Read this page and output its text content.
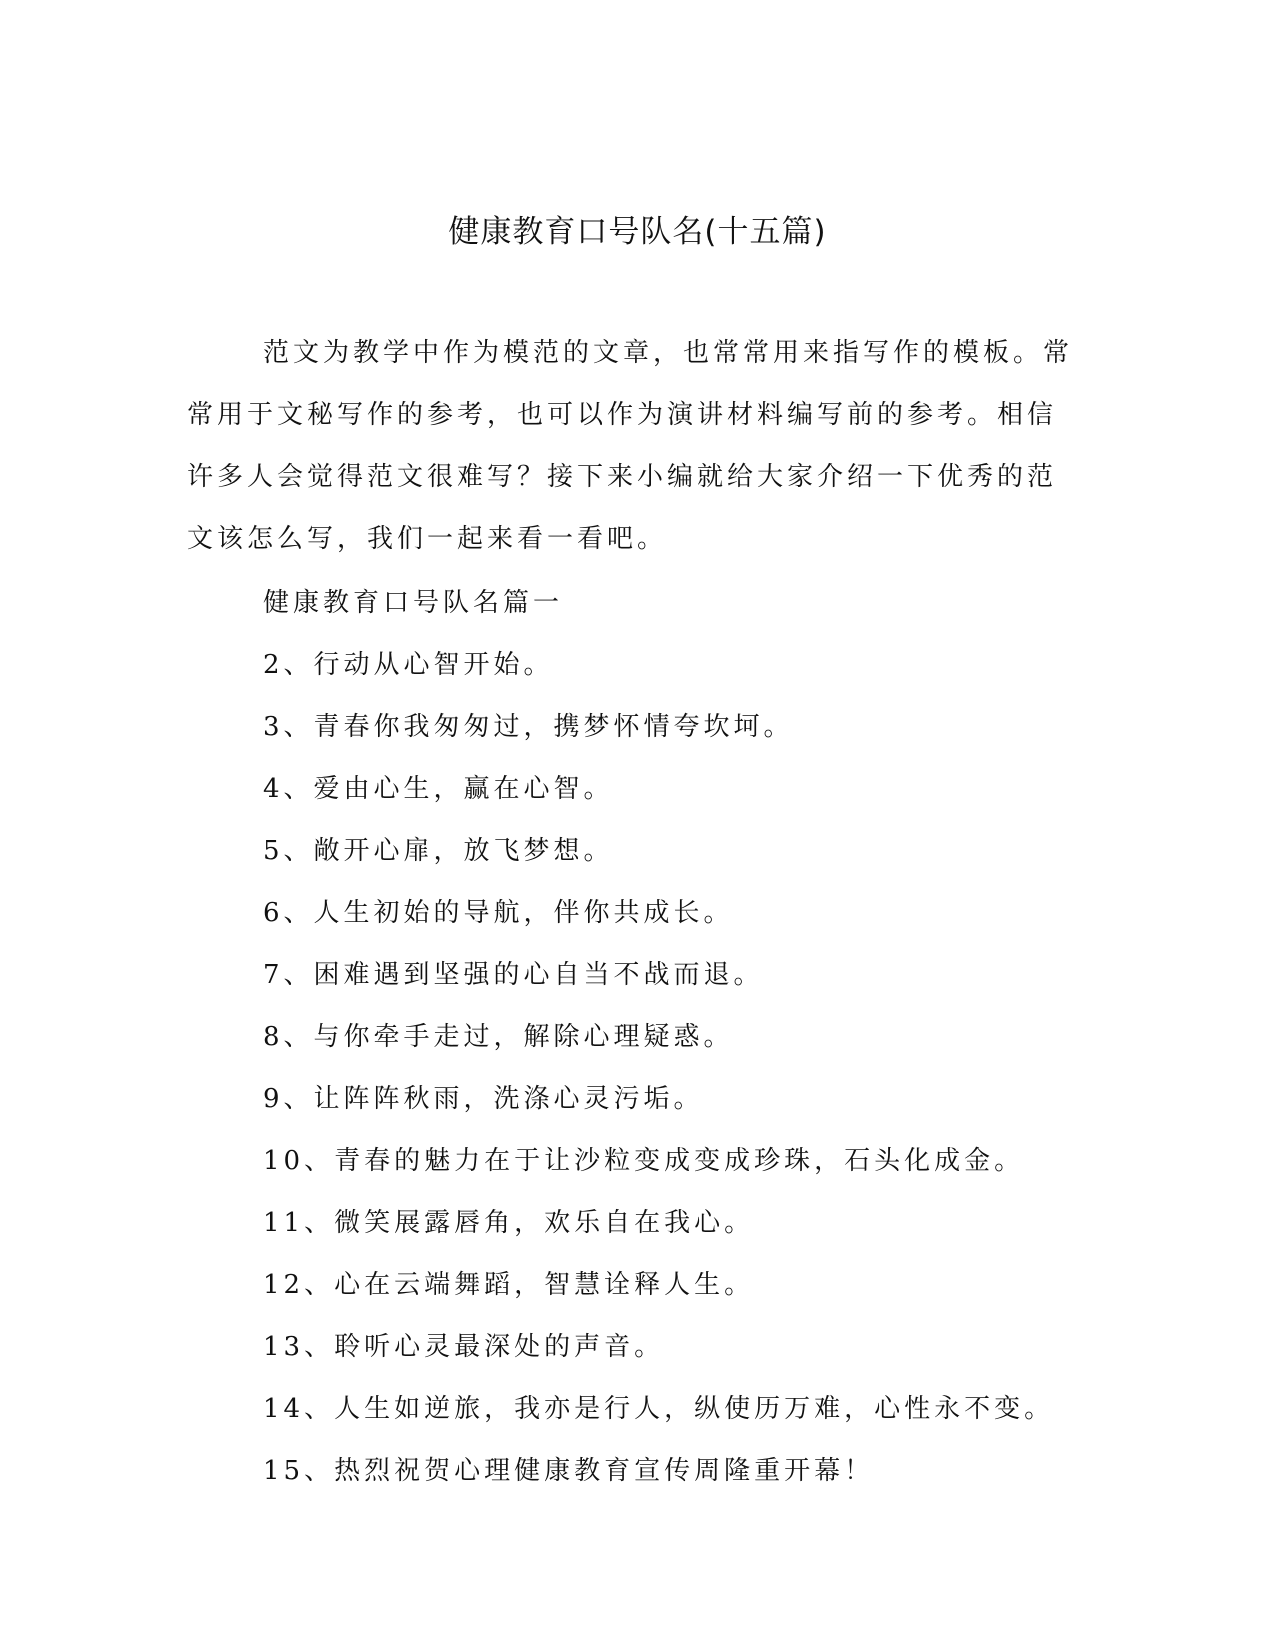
健康教育口号队名(十五篇)

范文为教学中作为模范的文章，也常常用来指写作的模板。常常用于文秘写作的参考，也可以作为演讲材料编写前的参考。相信许多人会觉得范文很难写？接下来小编就给大家介绍一下优秀的范文该怎么写，我们一起来看一看吧。

健康教育口号队名篇一
2、行动从心智开始。
3、青春你我匆匆过，携梦怀情夸坎坷。
4、爱由心生，赢在心智。
5、敞开心扉，放飞梦想。
6、人生初始的导航，伴你共成长。
7、困难遇到坚强的心自当不战而退。
8、与你牵手走过，解除心理疑惑。
9、让阵阵秋雨，洗涤心灵污垢。
10、青春的魅力在于让沙粒变成变成珍珠，石头化成金。
11、微笑展露唇角，欢乐自在我心。
12、心在云端舞蹈，智慧诠释人生。
13、聆听心灵最深处的声音。
14、人生如逆旅，我亦是行人，纵使历万难，心性永不变。
15、热烈祝贺心理健康教育宣传周隆重开幕！
